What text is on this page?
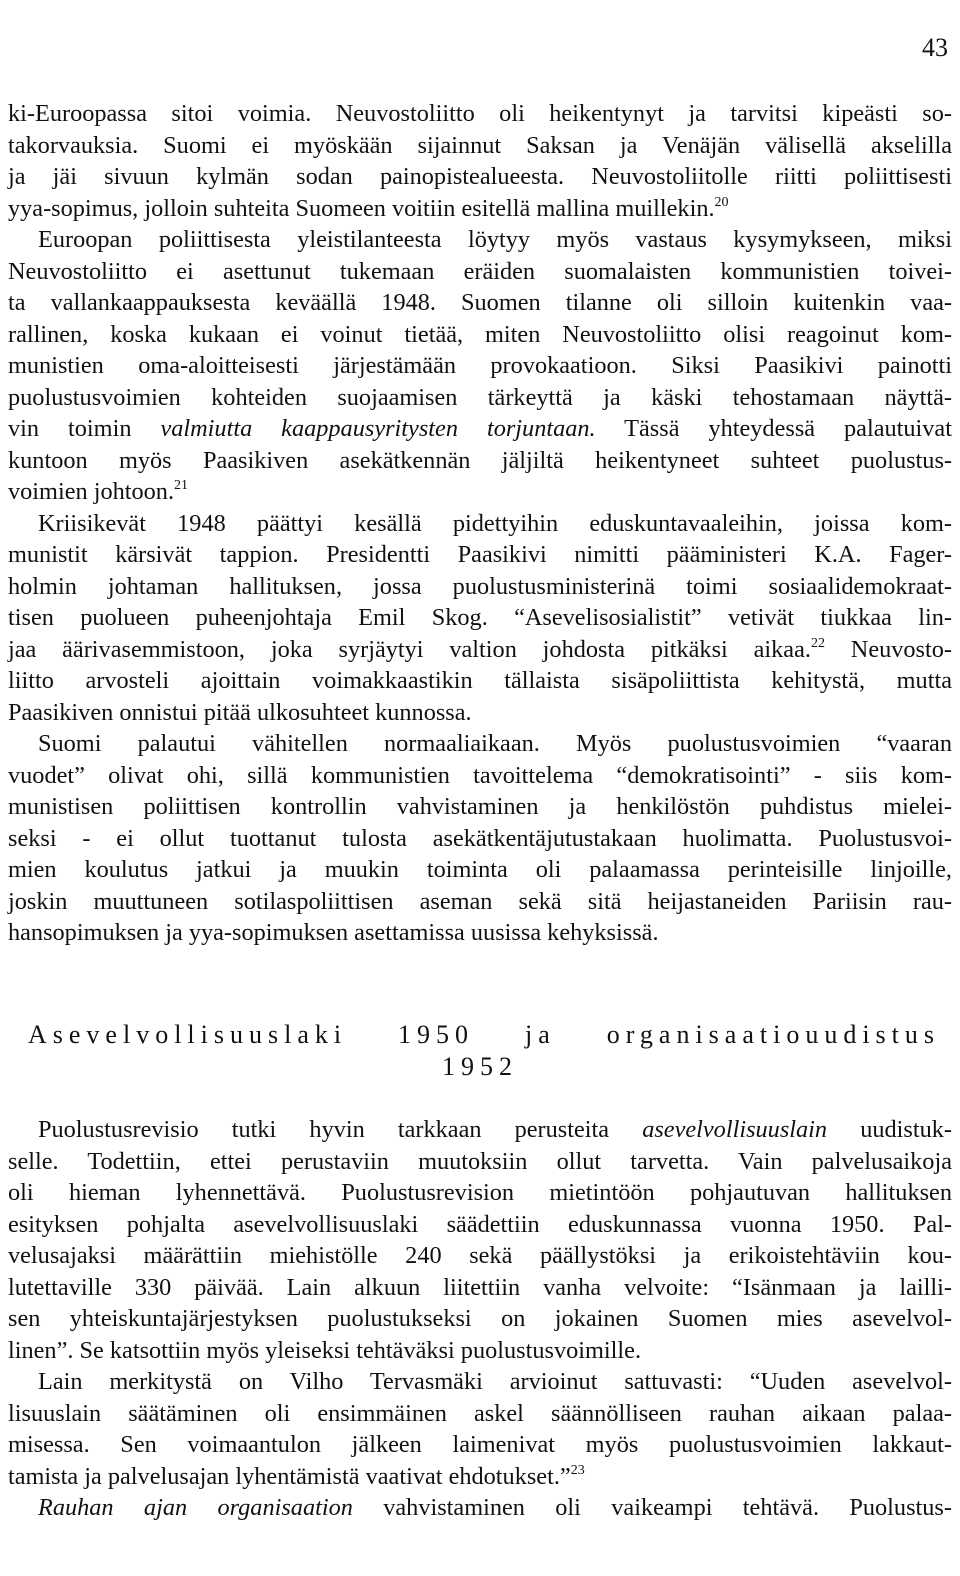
43
ki-Euroopassa sitoi voimia. Neuvostoliitto oli heikentynyt ja tarvitsi kipeästi so-
takorvauksia. Suomi ei myöskään sijainnut Saksan ja Venäjän välisellä akselilla
ja jäi sivuun kylmän sodan painopistealueesta. Neuvostoliitolle riitti poliittisesti
yya-sopimus, jolloin suhteita Suomeen voitiin esitellä mallina muillekin.$^{20}$
Euroopan poliittisesta yleistilanteesta löytyy myös vastaus kysymykseen, miksi
Neuvostoliitto ei asettunut tukemaan eräiden suomalaisten kommunistien toivei-
ta vallankaappauksesta keväällä 1948. Suomen tilanne oli silloin kuitenkin vaa-
rallinen, koska kukaan ei voinut tietää, miten Neuvostoliitto olisi reagoinut kom-
munistien oma-aloitteisesti järjestämään provokaatioon. Siksi Paasikivi painotti
puolustusvoimien kohteiden suojaamisen tärkeyttä ja käski tehostamaan näyttä-
vin toimin valmiutta kaappausyritysten torjuntaan. Tässä yhteydessä palautuivat
kuntoon myös Paasikiven asekätkennän jäljiltä heikentyneet suhteet puolustus-
voimien johtoon.$^{21}$
Kriisikevät 1948 päättyi kesällä pidettyihin eduskuntavaaleihin, joissa kom-
munistit kärsivät tappion. Presidentti Paasikivi nimitti pääministeri K.A. Fager-
holmin johtaman hallituksen, jossa puolustusministerinä toimi sosiaalidemokraat-
tisen puolueen puheenjohtaja Emil Skog. “Asevelisosialistit” vetivät tiukkaa lin-
jaa äärivasemmistoon, joka syrjäytyi valtion johdosta pitkäksi aikaa.$^{22}$ Neuvosto-
liitto arvosteli ajoittain voimakkaastikin tällaista sisäpoliittista kehitystä, mutta
Paasikiven onnistui pitää ulkosuhteet kunnossa.
Suomi palautui vähitellen normaaliaikaan. Myös puolustusvoimien “vaaran
vuodet” olivat ohi, sillä kommunistien tavoittelema “demokratisointi” - siis kom-
munistisen poliittisen kontrollin vahvistaminen ja henkilöstön puhdistus mielei-
seksi - ei ollut tuottanut tulosta asekätkentäjutustakaan huolimatta. Puolustusvoi-
mien koulutus jatkui ja muukin toiminta oli palaamassa perinteisille linjoille,
joskin muuttuneen sotilaspoliittisen aseman sekä sitä heijastaneiden Pariisin rau-
hansopimuksen ja yya-sopimuksen asettamissa uusissa kehyksissä.
Asevelvollisuuslaki 1950 ja organisaatiouudistus
1952
Puolustusrevisio tutki hyvin tarkkaan perusteita asevelvollisuuslain uudistuk-
selle. Todettiin, ettei perustaviin muutoksiin ollut tarvetta. Vain palvelusaikoja
oli hieman lyhennettävä. Puolustusrevision mietintöön pohjautuvan hallituksen
esityksen pohjalta asevelvollisuuslaki säädettiin eduskunnassa vuonna 1950. Pal-
velusajaksi määrättiin miehistölle 240 sekä päällystöksi ja erikoistehtäviin kou-
lutettaville 330 päivää. Lain alkuun liitettiin vanha velvoite: “Isänmaan ja lailli-
sen yhteiskuntajärjestyksen puolustukseksi on jokainen Suomen mies asevelvol-
linen”. Se katsottiin myös yleiseksi tehtäväksi puolustusvoimille.
Lain merkitystä on Vilho Tervasmäki arvioinut sattuvasti: “Uuden asevelvol-
lisuuslain säätäminen oli ensimmäinen askel säännölliseen rauhan aikaan palaa-
misessa. Sen voimaantulon jälkeen laimenivat myös puolustusvoimien lakkaut-
tamista ja palvelusajan lyhentämistä vaativat ehdotukset.”$^{23}$
Rauhan ajan organisaation vahvistaminen oli vaikeampi tehtävä. Puolustus-
